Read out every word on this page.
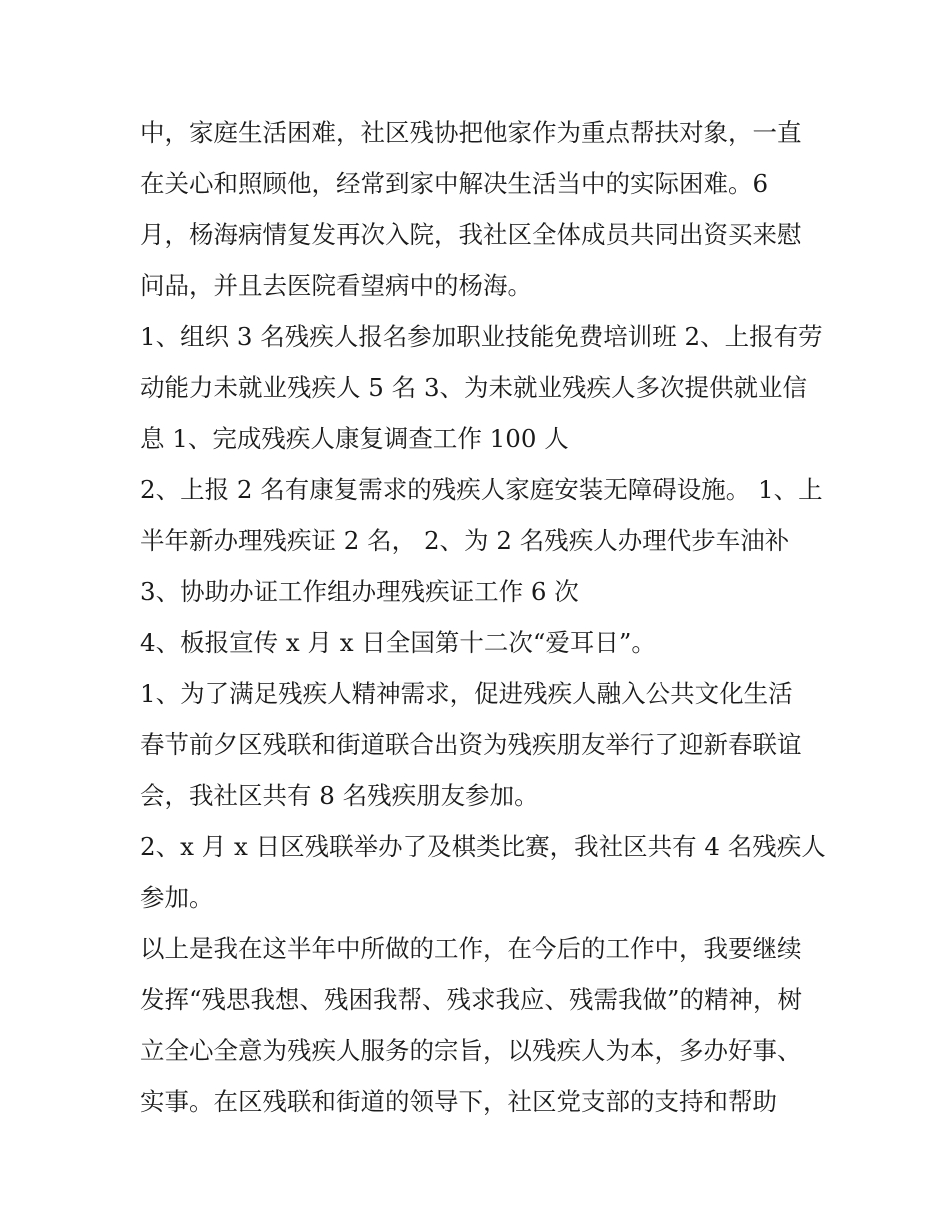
中，家庭生活困难，社区残协把他家作为重点帮扶对象，一直
在关心和照顾他，经常到家中解决生活当中的实际困难。6
月，杨海病情复发再次入院，我社区全体成员共同出资买来慰
问品，并且去医院看望病中的杨海。
1、组织 3 名残疾人报名参加职业技能免费培训班 2、上报有劳
动能力未就业残疾人 5 名 3、为未就业残疾人多次提供就业信
息 1、完成残疾人康复调查工作 100 人
2、上报 2 名有康复需求的残疾人家庭安装无障碍设施。 1、上
半年新办理残疾证 2 名， 2、为 2 名残疾人办理代步车油补
3、协助办证工作组办理残疾证工作 6 次
4、板报宣传 x 月 x 日全国第十二次“爱耳日”。
1、为了满足残疾人精神需求，促进残疾人融入公共文化生活
春节前夕区残联和街道联合出资为残疾朋友举行了迎新春联谊
会，我社区共有 8 名残疾朋友参加。
2、x 月 x 日区残联举办了及棋类比赛，我社区共有 4 名残疾人
参加。
以上是我在这半年中所做的工作，在今后的工作中，我要继续
发挥“残思我想、残困我帮、残求我应、残需我做”的精神，树
立全心全意为残疾人服务的宗旨，以残疾人为本，多办好事、
实事。在区残联和街道的领导下，社区党支部的支持和帮助
